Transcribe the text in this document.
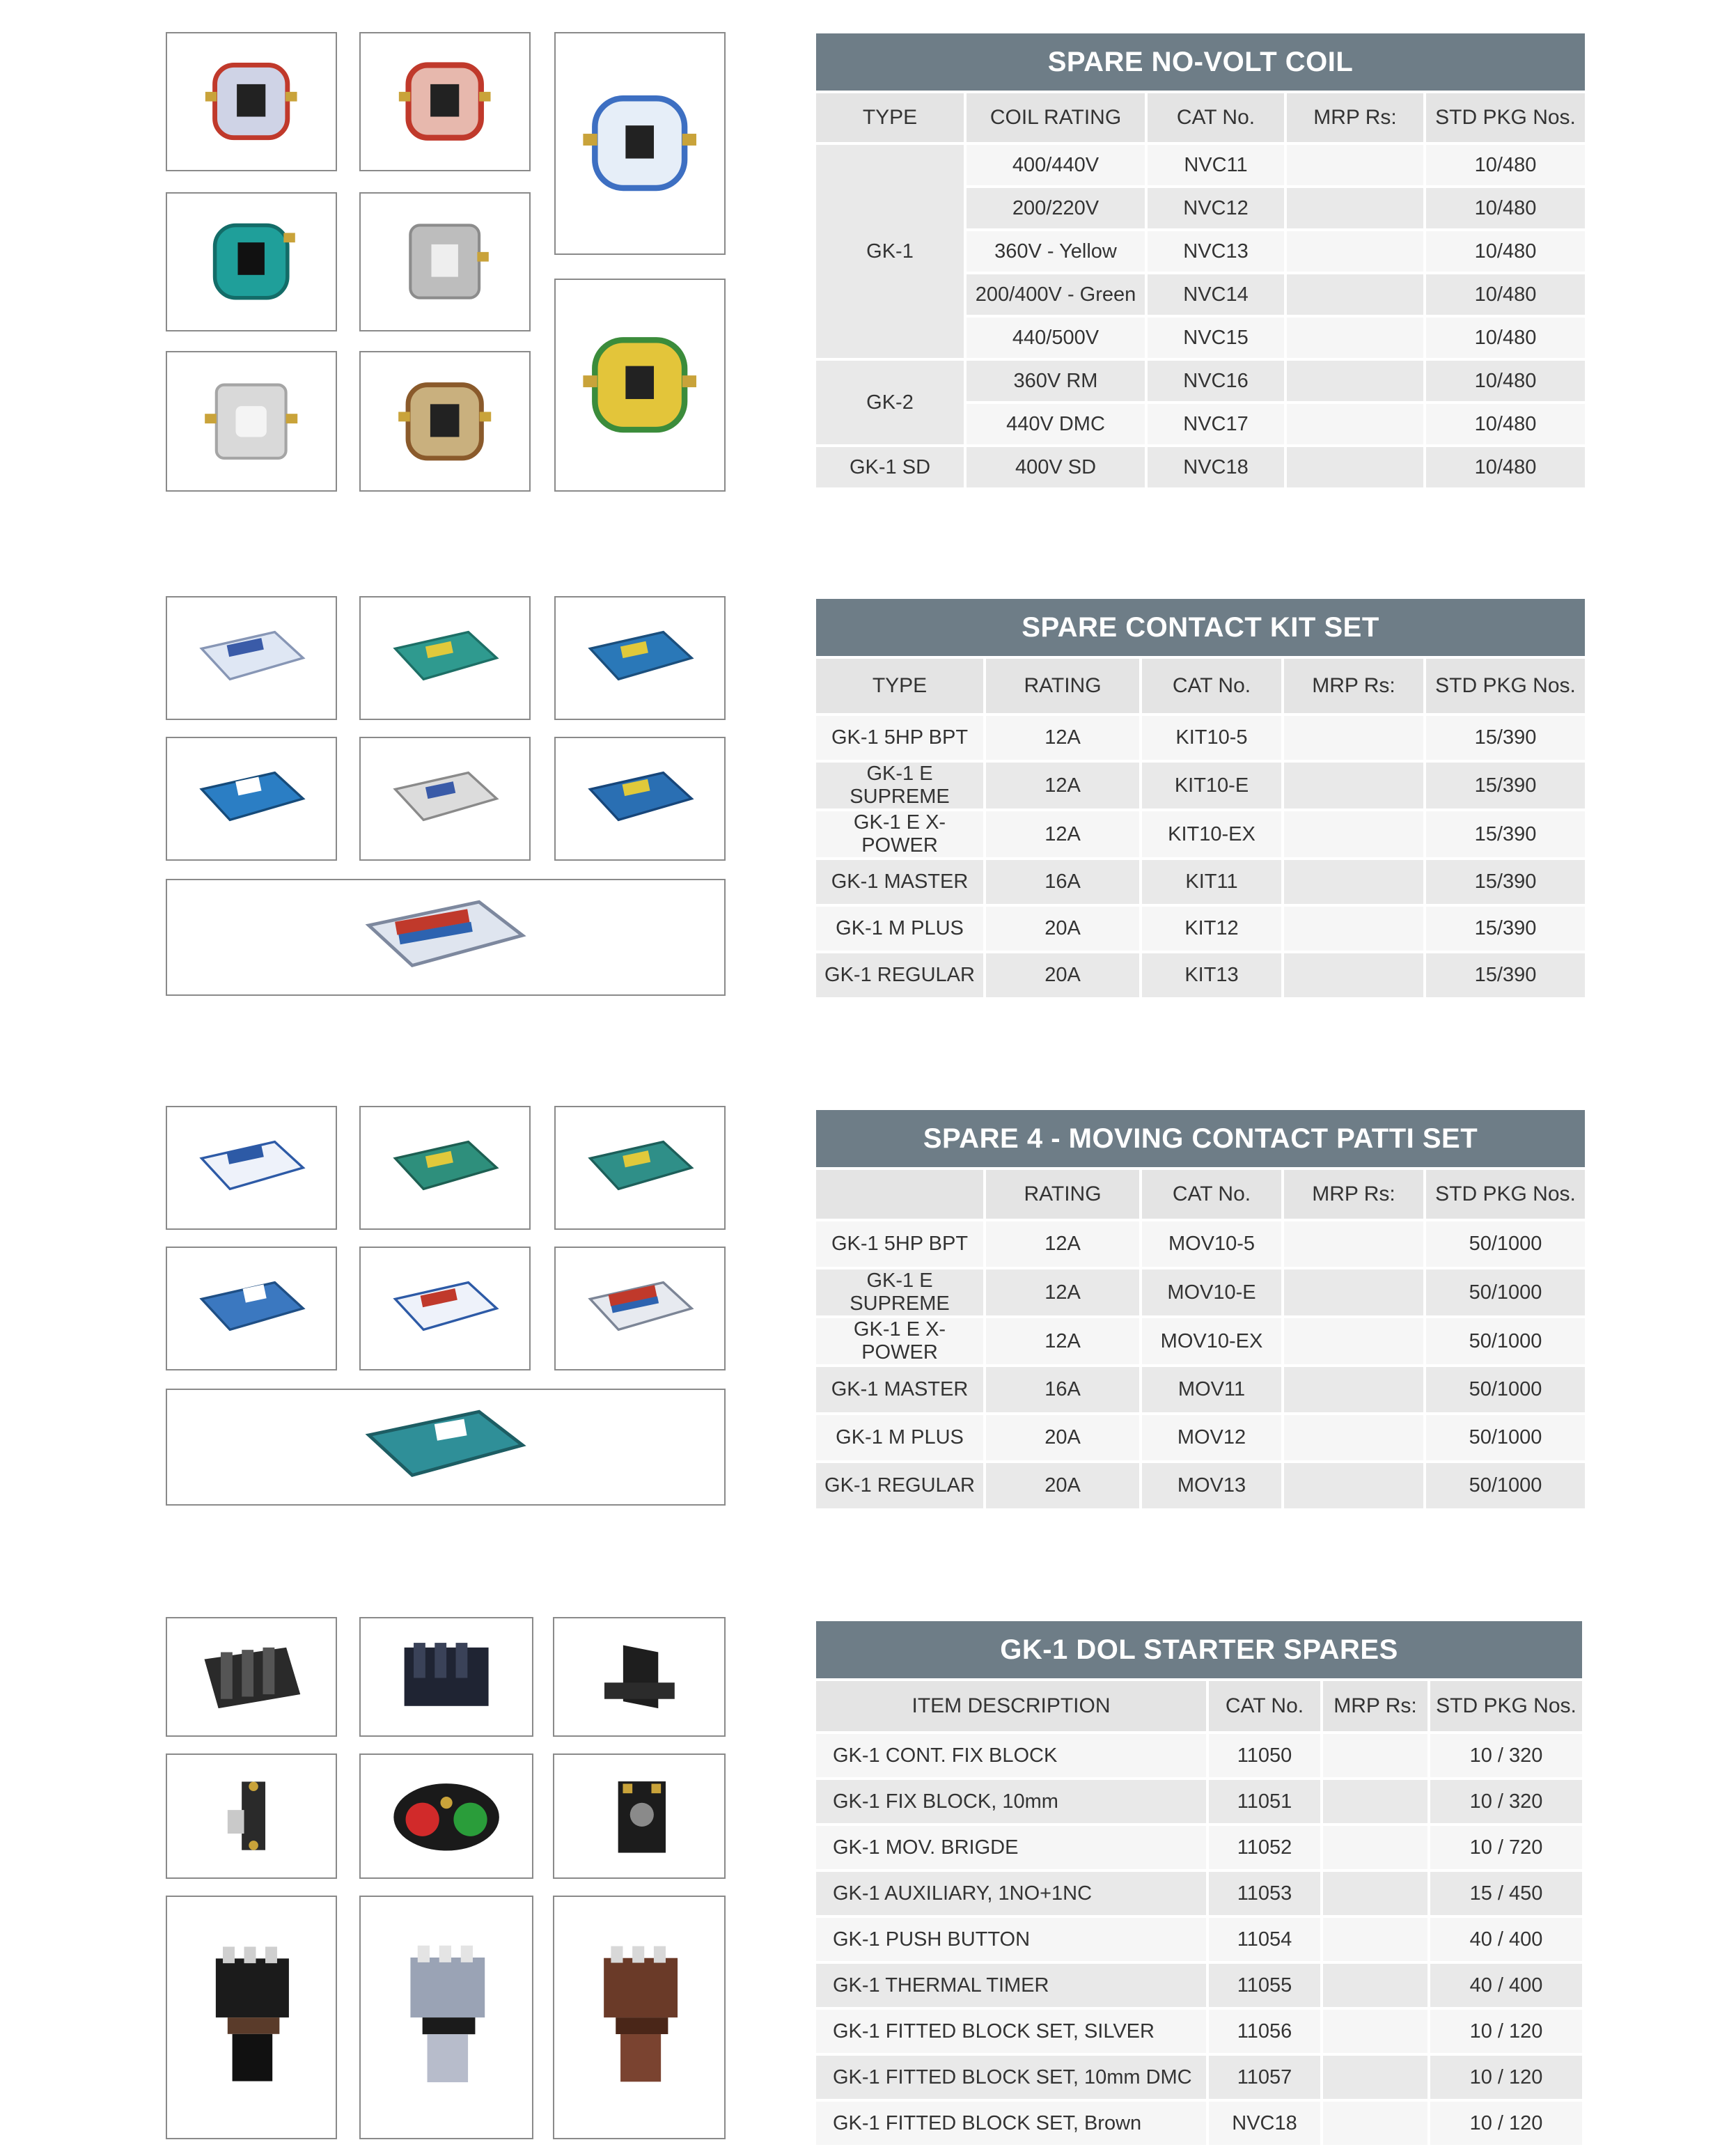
SPARE NO-VOLT COIL				
TYPE	COIL RATING	CAT No.	MRP Rs:	STD PKG Nos.
GK-1	400/440V	NVC11		10/480
	200/220V	NVC12		10/480
	360V - Yellow	NVC13		10/480
	200/400V - Green	NVC14		10/480
	440/500V	NVC15		10/480
GK-2	360V RM	NVC16		10/480
	440V DMC	NVC17		10/480
GK-1 SD	400V SD	NVC18		10/480
SPARE CONTACT KIT SET				
TYPE	RATING	CAT No.	MRP Rs:	STD PKG Nos.
GK-1 5HP BPT	12A	KIT10-5		15/390
GK-1 E SUPREME	12A	KIT10-E		15/390
GK-1 E X-POWER	12A	KIT10-EX		15/390
GK-1 MASTER	16A	KIT11		15/390
GK-1 M PLUS	20A	KIT12		15/390
GK-1 REGULAR	20A	KIT13		15/390
SPARE 4 - MOVING CONTACT PATTI SET				
	RATING	CAT No.	MRP Rs:	STD PKG Nos.
GK-1 5HP BPT	12A	MOV10-5		50/1000
GK-1 E SUPREME	12A	MOV10-E		50/1000
GK-1 E X-POWER	12A	MOV10-EX		50/1000
GK-1 MASTER	16A	MOV11		50/1000
GK-1 M PLUS	20A	MOV12		50/1000
GK-1 REGULAR	20A	MOV13		50/1000
GK-1 DOL STARTER SPARES			
ITEM DESCRIPTION	CAT No.	MRP Rs:	STD PKG Nos.
GK-1 CONT. FIX BLOCK	11050		10 / 320
GK-1 FIX BLOCK, 10mm	11051		10 / 320
GK-1 MOV. BRIGDE	11052		10 / 720
GK-1 AUXILIARY, 1NO+1NC	11053		15 / 450
GK-1 PUSH BUTTON	11054		40 / 400
GK-1 THERMAL TIMER	11055		40 / 400
GK-1 FITTED BLOCK SET, SILVER	11056		10 / 120
GK-1 FITTED BLOCK SET, 10mm DMC	11057		10 / 120
GK-1 FITTED BLOCK SET, Brown	NVC18		10 / 120
